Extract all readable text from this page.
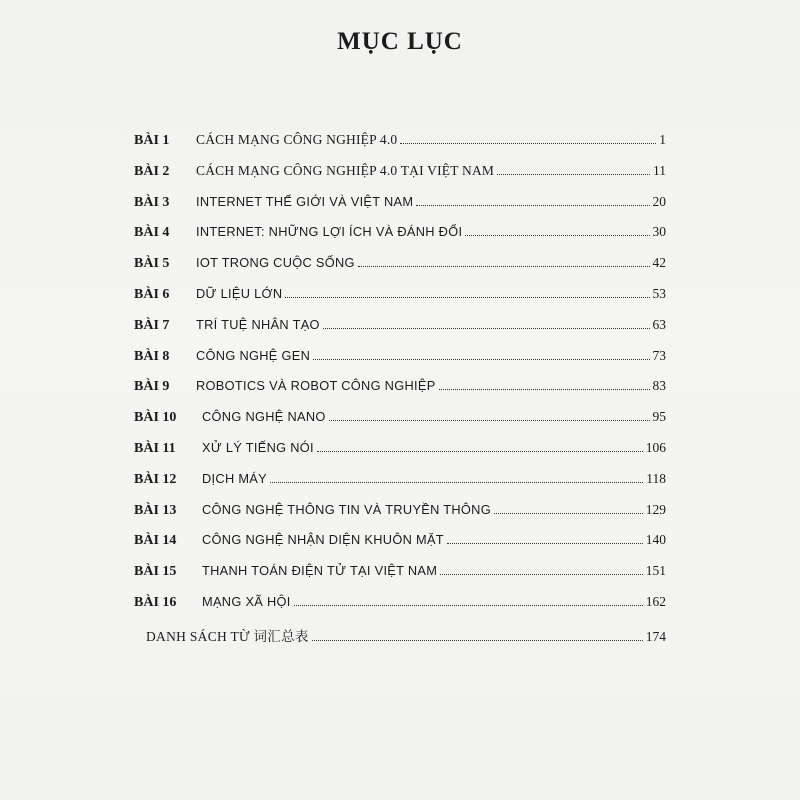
MỤC LỤC
BÀI 1	CÁCH MẠNG CÔNG NGHIỆP 4.0	1
BÀI 2	CÁCH MẠNG CÔNG NGHIỆP 4.0 TẠI VIỆT NAM	11
BÀI 3	INTERNET THẾ GIỚI VÀ VIỆT NAM	20
BÀI 4	INTERNET: NHỮNG LỢI ÍCH VÀ ĐÁNH ĐỔI	30
BÀI 5	IOT TRONG CUỘC SỐNG	42
BÀI 6	DỮ LIỆU LỚN	53
BÀI 7	TRÍ TUỆ NHÂN TẠO	63
BÀI 8	CÔNG NGHỆ GEN	73
BÀI 9	ROBOTICS VÀ ROBOT CÔNG NGHIỆP	83
BÀI 10	CÔNG NGHỆ NANO	95
BÀI 11	XỬ LÝ TIẾNG NÓI	106
BÀI 12	DỊCH MÁY	118
BÀI 13	CÔNG NGHỆ THÔNG TIN VÀ TRUYỀN THÔNG	129
BÀI 14	CÔNG NGHỆ NHẬN DIỆN KHUÔN MẶT	140
BÀI 15	THANH TOÁN ĐIỆN TỬ TẠI VIỆT NAM	151
BÀI 16	MẠNG XÃ HỘI	162
DANH SÁCH TỪ 词汇总表	174
